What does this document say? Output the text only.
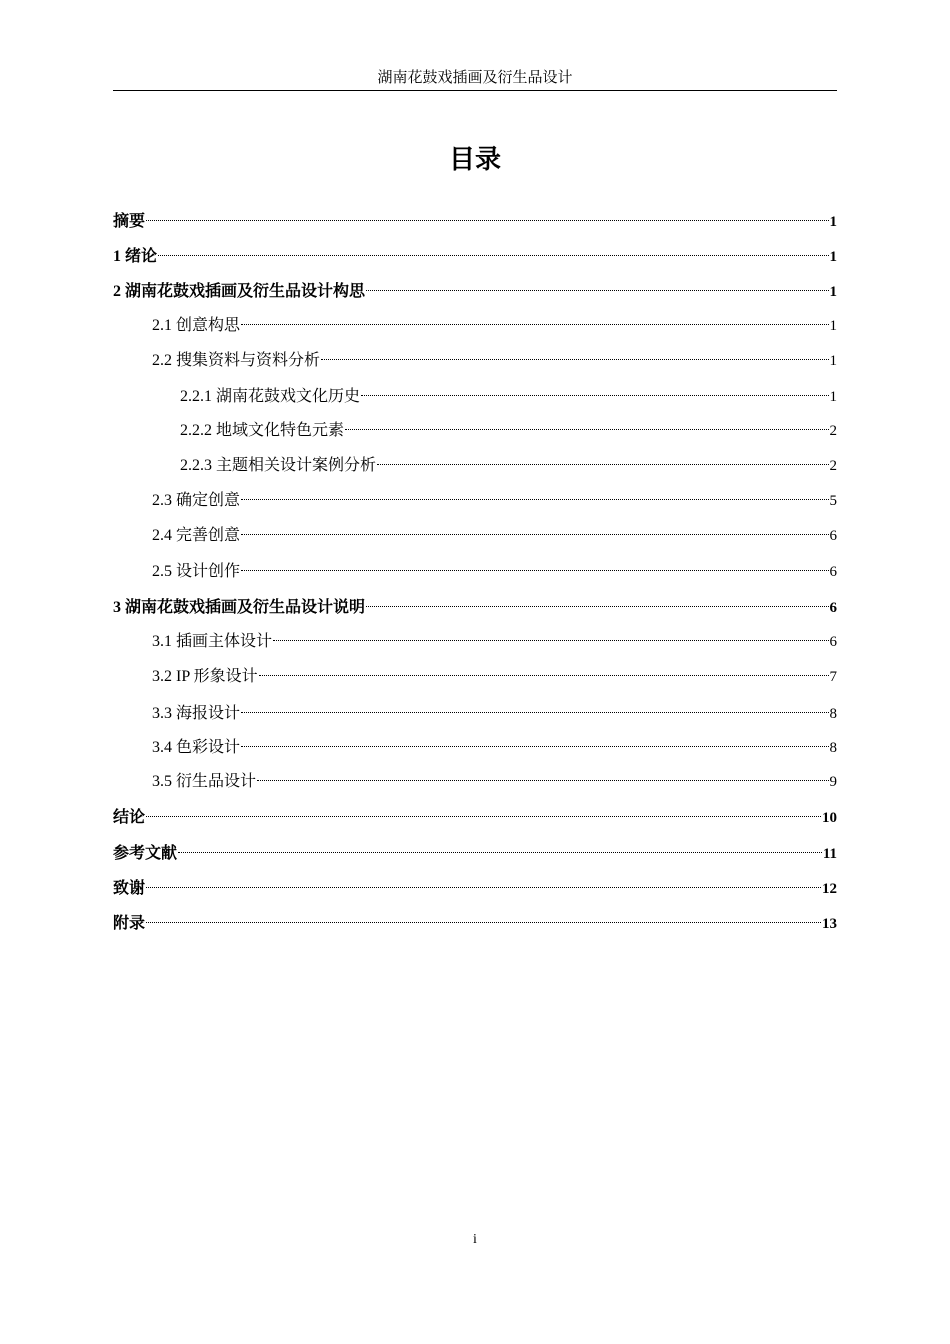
湖南花鼓戏插画及衍生品设计
目录
摘要	1
1 绪论	1
2 湖南花鼓戏插画及衍生品设计构思	1
2.1 创意构思	1
2.2 搜集资料与资料分析	1
2.2.1 湖南花鼓戏文化历史	1
2.2.2 地域文化特色元素	2
2.2.3 主题相关设计案例分析	2
2.3 确定创意	5
2.4 完善创意	6
2.5 设计创作	6
3 湖南花鼓戏插画及衍生品设计说明	6
3.1 插画主体设计	6
3.2 IP 形象设计	7
3.3 海报设计	8
3.4 色彩设计	8
3.5 衍生品设计	9
结论	10
参考文献	11
致谢	12
附录	13
i
